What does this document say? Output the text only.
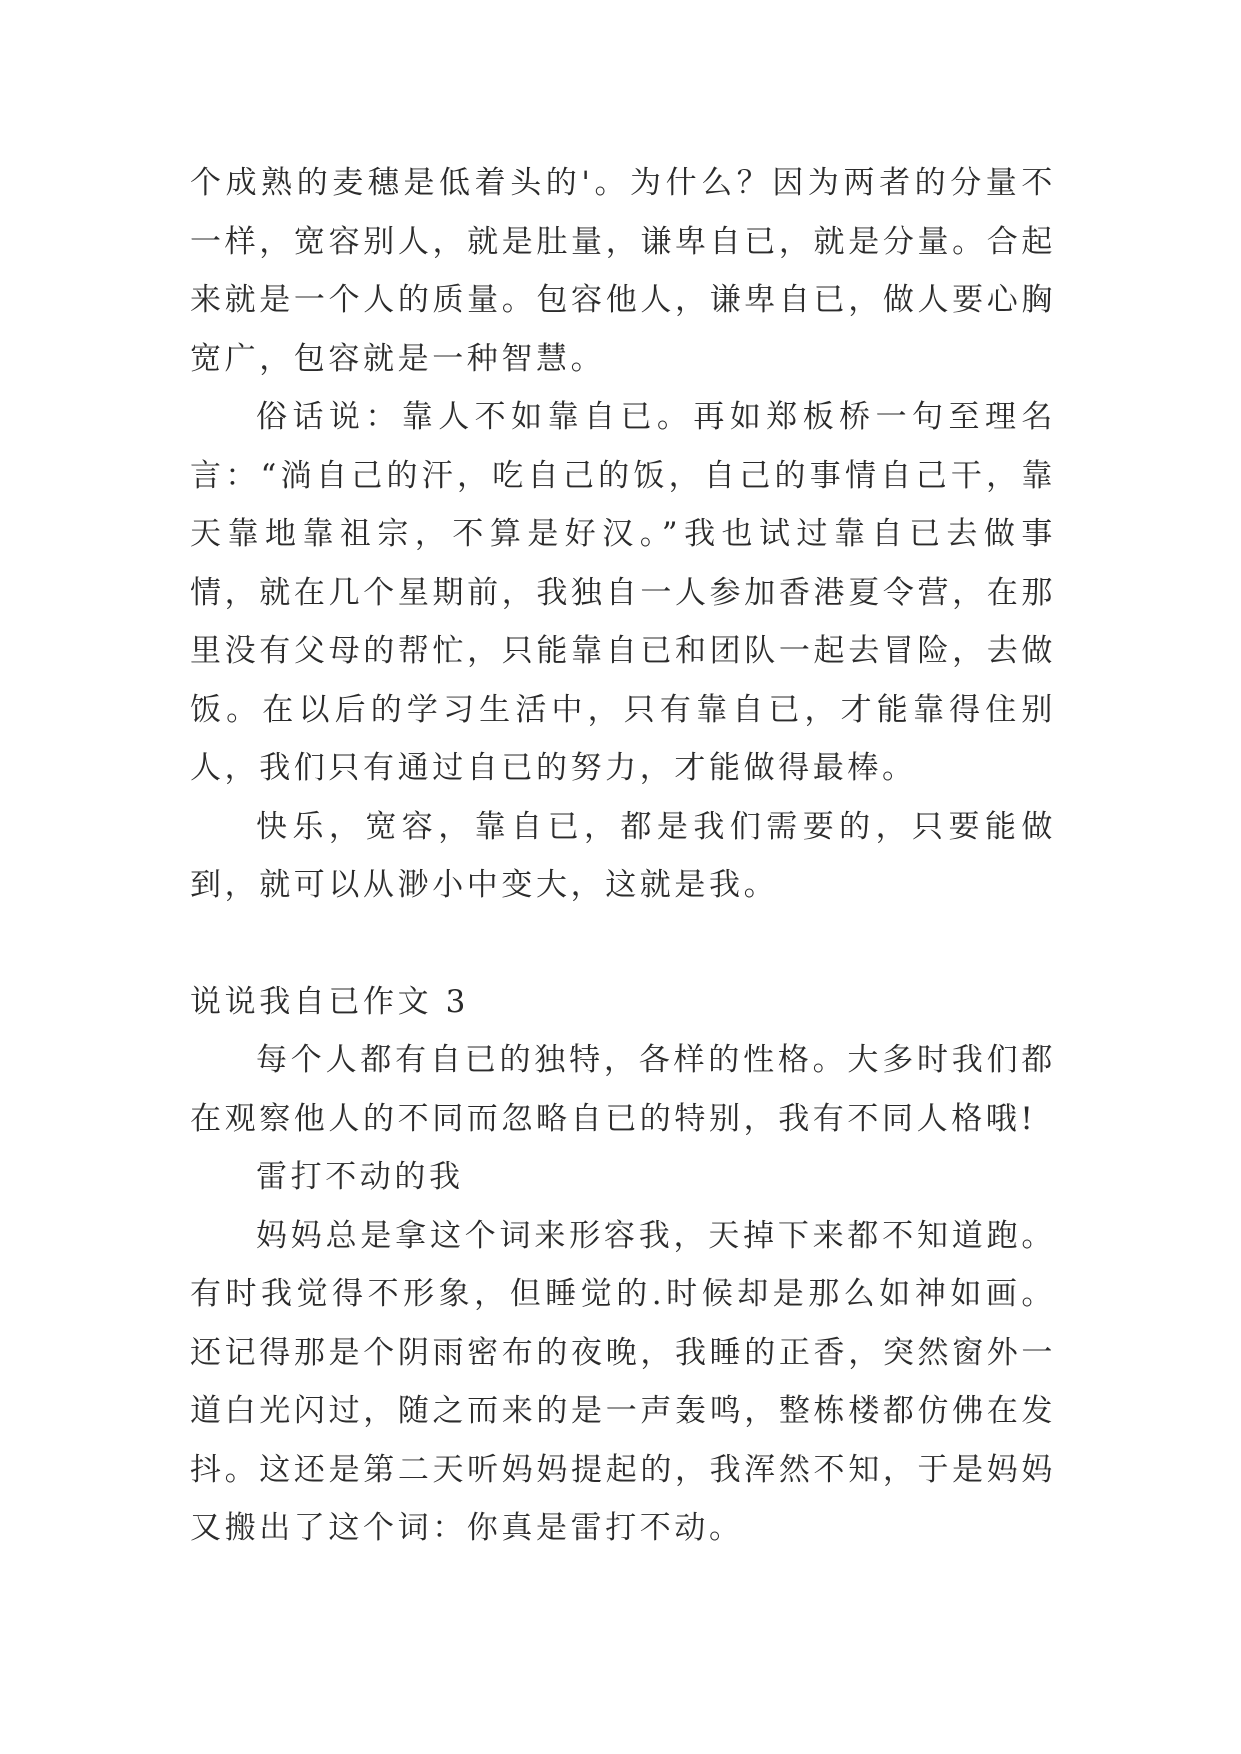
个成熟的麦穗是低着头的'。为什么？因为两者的分量不一样，宽容别人，就是肚量，谦卑自已，就是分量。合起来就是一个人的质量。包容他人，谦卑自已，做人要心胸宽广，包容就是一种智慧。

俗话说：靠人不如靠自已。再如郑板桥一句至理名言：“淌自己的汗，吃自己的饭，自己的事情自己干，靠天靠地靠祖宗，不算是好汉。”我也试过靠自已去做事情，就在几个星期前，我独自一人参加香港夏令营，在那里没有父母的帮忙，只能靠自已和团队一起去冒险，去做饭。在以后的学习生活中，只有靠自已，才能靠得住别人，我们只有通过自已的努力，才能做得最棒。

快乐，宽容，靠自已，都是我们需要的，只要能做到，就可以从渺小中变大，这就是我。

说说我自已作文 3

每个人都有自已的独特，各样的性格。大多时我们都在观察他人的不同而忽略自已的特别，我有不同人格哦!

雷打不动的我

妈妈总是拿这个词来形容我，天掉下来都不知道跑。有时我觉得不形象，但睡觉的.时候却是那么如神如画。还记得那是个阴雨密布的夜晚，我睡的正香，突然窗外一道白光闪过，随之而来的是一声轰鸣，整栋楼都仿佛在发抖。这还是第二天听妈妈提起的，我浑然不知，于是妈妈又搬出了这个词：你真是雷打不动。
